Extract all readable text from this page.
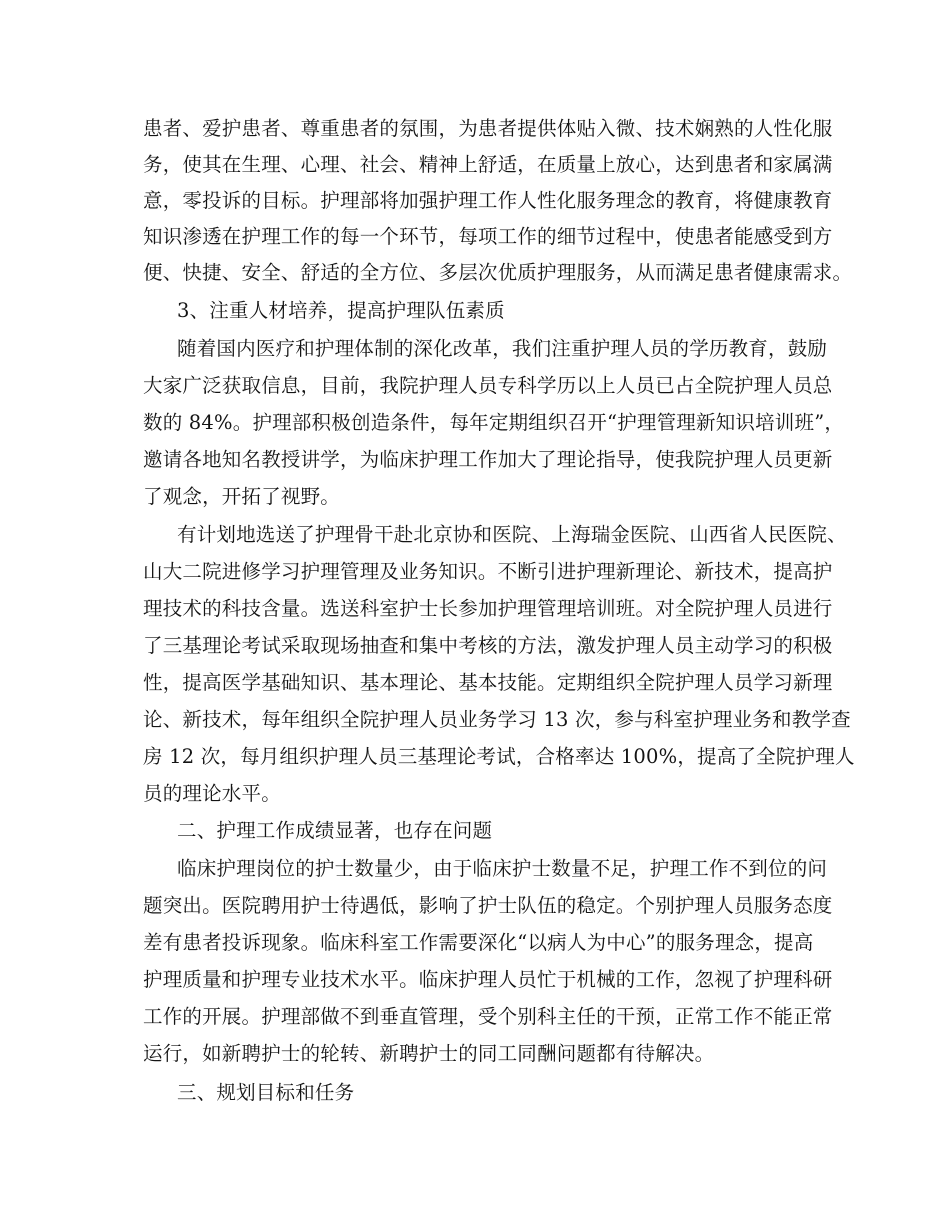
患者、爱护患者、尊重患者的氛围，为患者提供体贴入微、技术娴熟的人性化服
务，使其在生理、心理、社会、精神上舒适，在质量上放心，达到患者和家属满
意，零投诉的目标。护理部将加强护理工作人性化服务理念的教育，将健康教育
知识渗透在护理工作的每一个环节，每项工作的细节过程中，使患者能感受到方
便、快捷、安全、舒适的全方位、多层次优质护理服务，从而满足患者健康需求。
3、注重人材培养，提高护理队伍素质
随着国内医疗和护理体制的深化改革，我们注重护理人员的学历教育，鼓励
大家广泛获取信息，目前，我院护理人员专科学历以上人员已占全院护理人员总
数的 84%。护理部积极创造条件，每年定期组织召开“护理管理新知识培训班”，
邀请各地知名教授讲学，为临床护理工作加大了理论指导，使我院护理人员更新
了观念，开拓了视野。
有计划地选送了护理骨干赴北京协和医院、上海瑞金医院、山西省人民医院、
山大二院进修学习护理管理及业务知识。不断引进护理新理论、新技术，提高护
理技术的科技含量。选送科室护士长参加护理管理培训班。对全院护理人员进行
了三基理论考试采取现场抽查和集中考核的方法，激发护理人员主动学习的积极
性，提高医学基础知识、基本理论、基本技能。定期组织全院护理人员学习新理
论、新技术，每年组织全院护理人员业务学习 13 次，参与科室护理业务和教学查
房 12 次，每月组织护理人员三基理论考试，合格率达 100%，提高了全院护理人
员的理论水平。
二、护理工作成绩显著，也存在问题
临床护理岗位的护士数量少，由于临床护士数量不足，护理工作不到位的问
题突出。医院聘用护士待遇低，影响了护士队伍的稳定。个别护理人员服务态度
差有患者投诉现象。临床科室工作需要深化“以病人为中心”的服务理念，提高
护理质量和护理专业技术水平。临床护理人员忙于机械的工作，忽视了护理科研
工作的开展。护理部做不到垂直管理，受个别科主任的干预，正常工作不能正常
运行，如新聘护士的轮转、新聘护士的同工同酬问题都有待解决。
三、规划目标和任务
